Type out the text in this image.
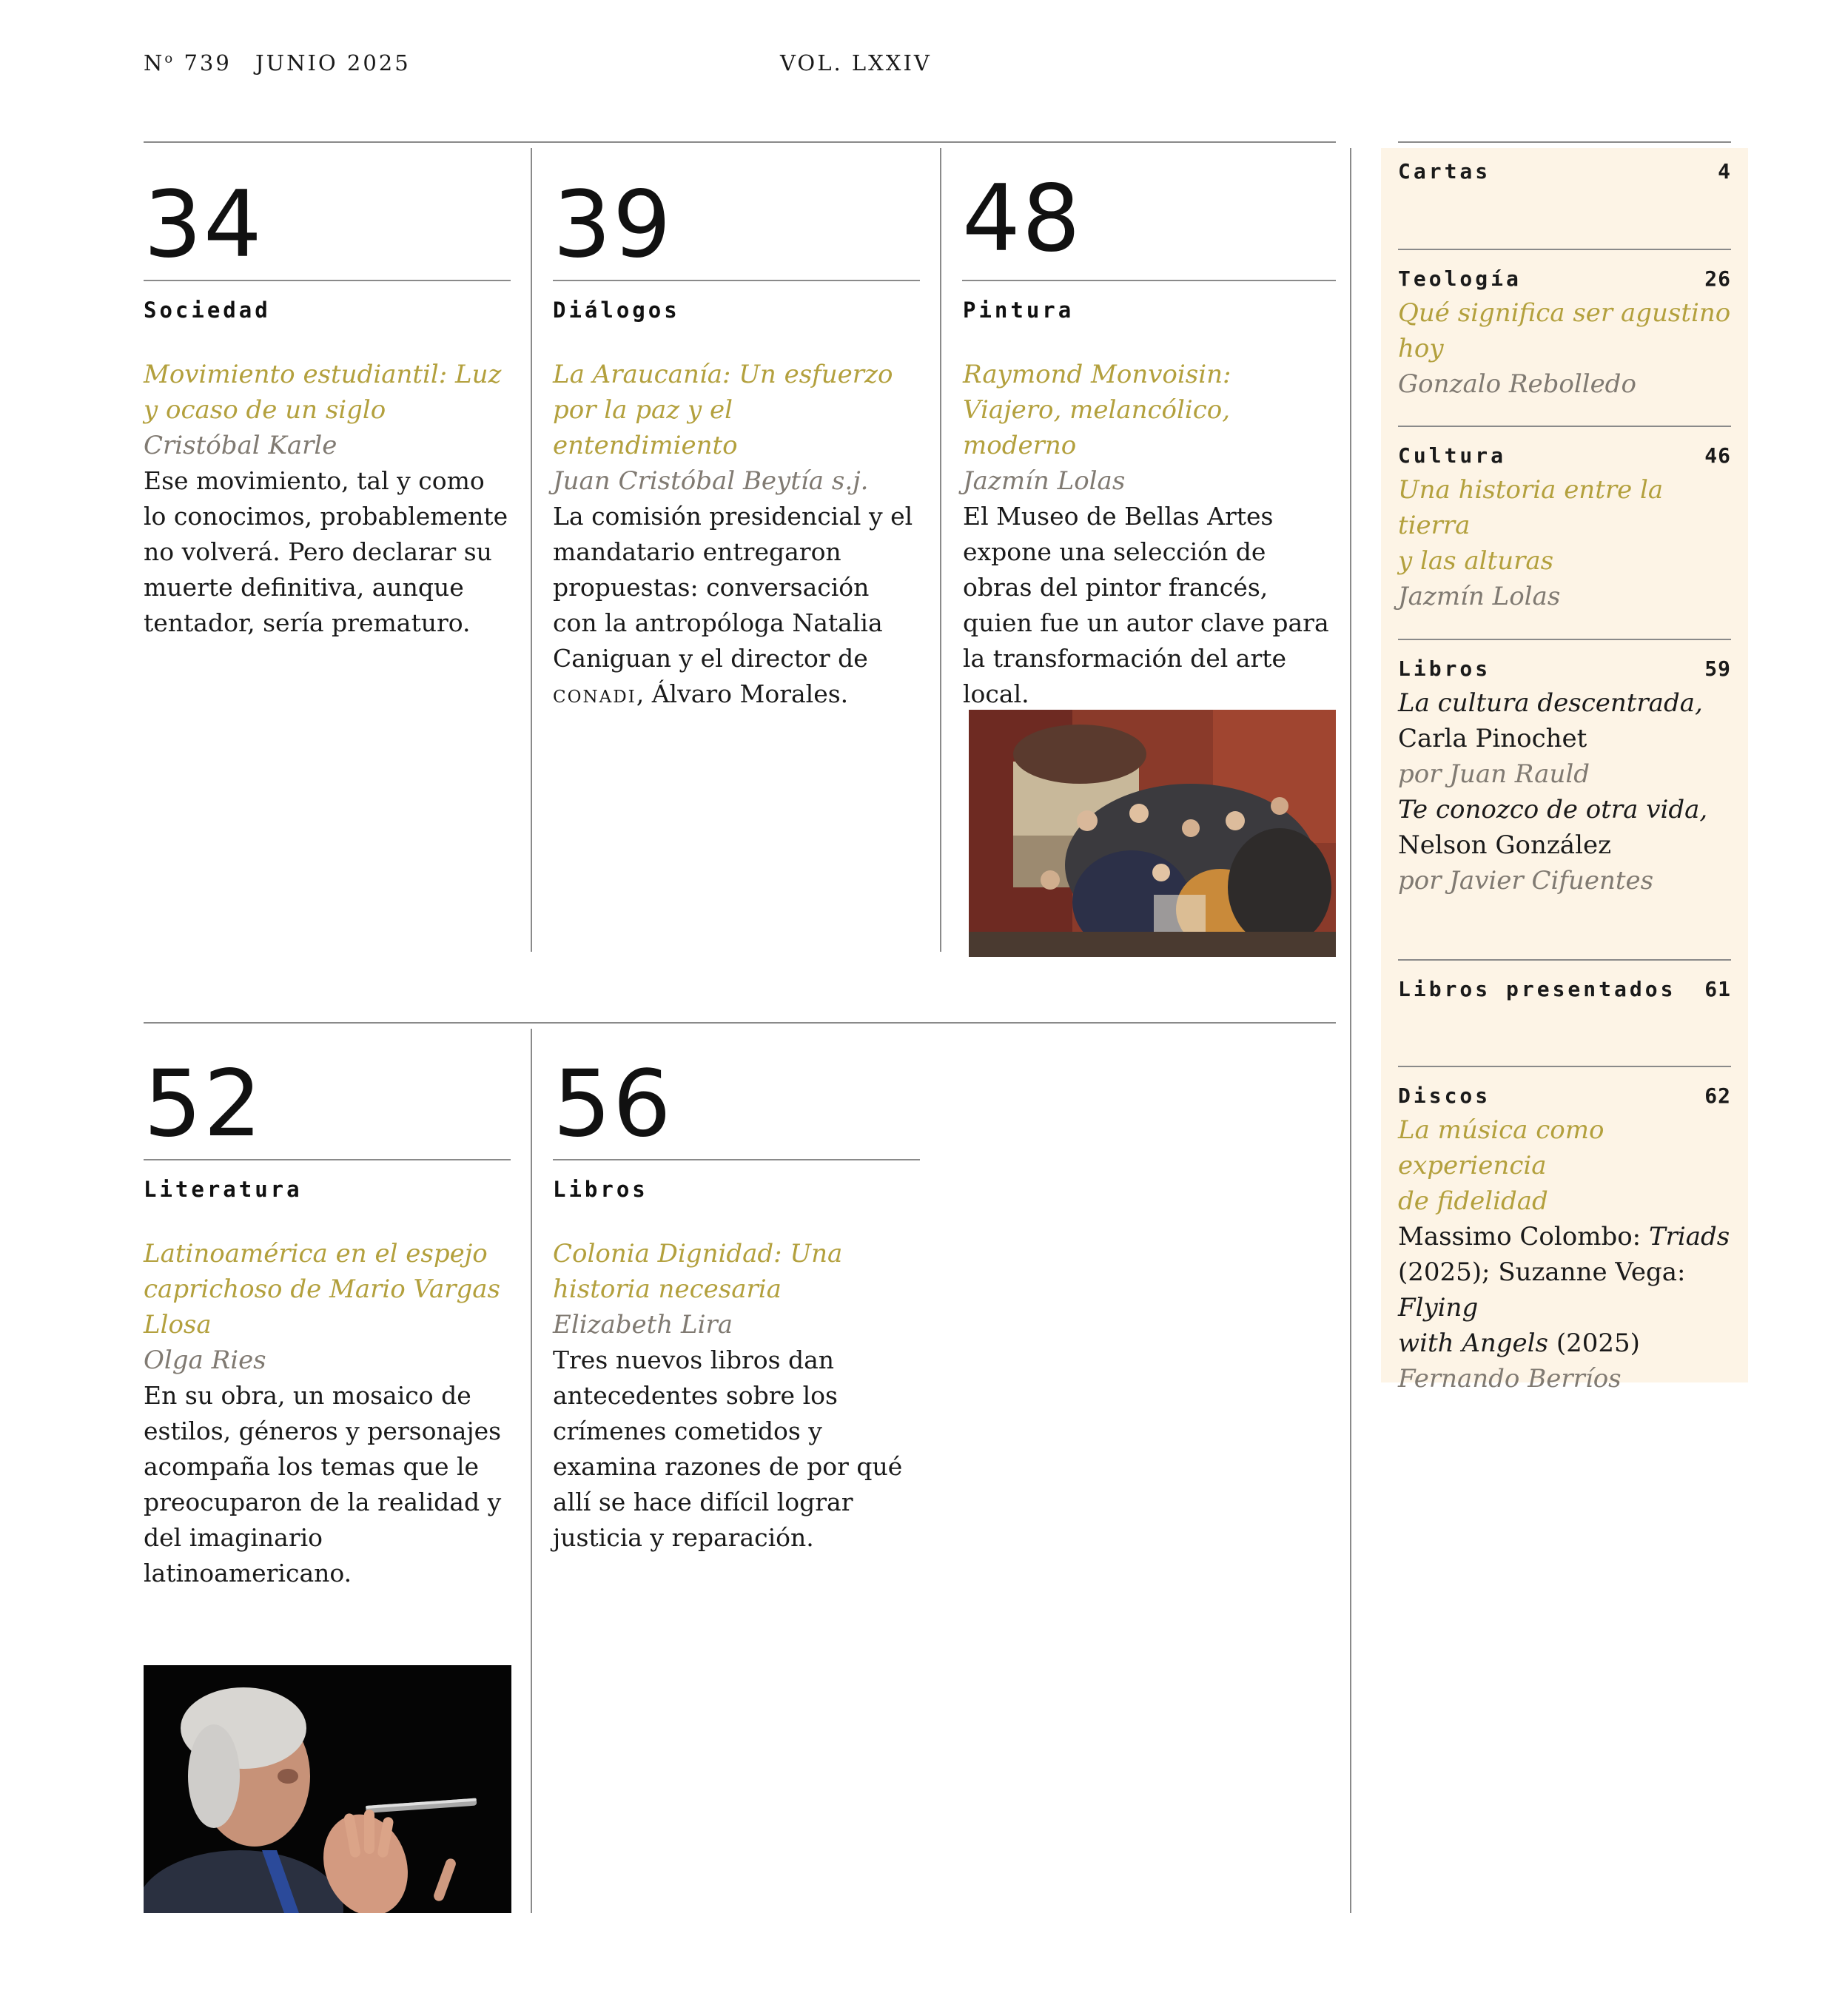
$N^o$ 739 JUNIO 2025	VOL. LXXIV
34
Sociedad
Movimiento estudiantil: Luz y ocaso de un siglo
Cristóbal Karle
Ese movimiento, tal y como lo conocimos, probablemente no volverá. Pero declarar su muerte definitiva, aunque tentador, sería prematuro.
39
Diálogos
La Araucanía: Un esfuerzo por la paz y el entendimiento
Juan Cristóbal Beytía s.j.
La comisión presidencial y el mandatario entregaron propuestas: conversación con la antropóloga Natalia Caniguan y el director de conadi, Álvaro Morales.
48
Pintura
Raymond Monvoisin: Viajero, melancólico, moderno
Jazmín Lolas
El Museo de Bellas Artes expone una selección de obras del pintor francés, quien fue un autor clave para la transformación del arte local.
52
Literatura
Latinoamérica en el espejo caprichoso de Mario Vargas Llosa
Olga Ries
En su obra, un mosaico de estilos, géneros y personajes acompaña los temas que le preocuparon de la realidad y del imaginario latinoamericano.
56
Libros
Colonia Dignidad: Una historia necesaria
Elizabeth Lira
Tres nuevos libros dan antecedentes sobre los crímenes cometidos y examina razones de por qué allí se hace difícil lograr justicia y reparación.
Cartas	4
Teología	26
Qué significa ser agustino hoy
Gonzalo Rebolledo
Cultura	46
Una historia entre la tierra
y las alturas
Jazmín Lolas
Libros	59
La cultura descentrada,
Carla Pinochet
por Juan Rauld
Te conozco de otra vida,
Nelson González
por Javier Cifuentes
Libros presentados 61
Discos	62
La música como experiencia
de fidelidad
Massimo Colombo: Triads
(2025); Suzanne Vega: Flying
with Angels (2025)
Fernando Berríos
